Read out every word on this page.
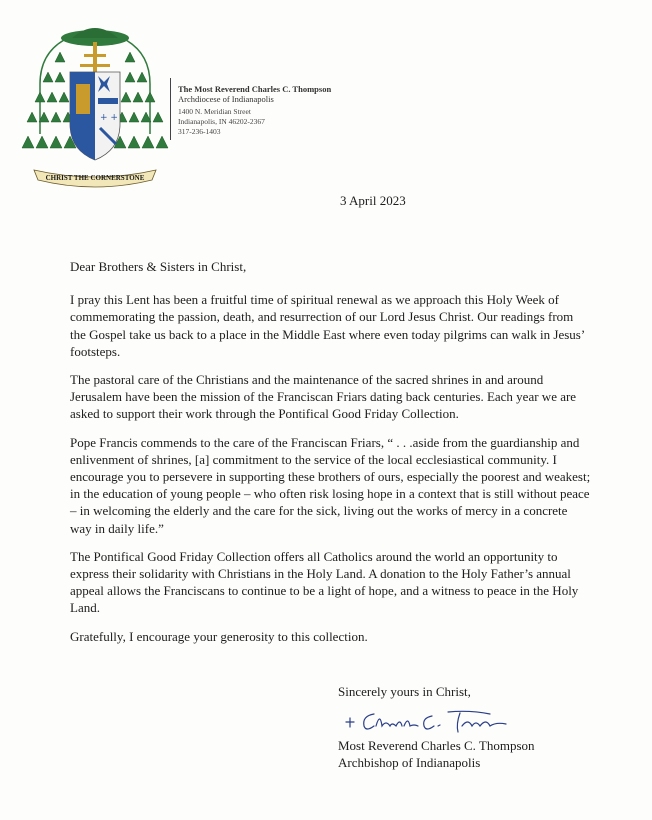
+ +
CHRIST THE CORNERSTONE
The Most Reverend Charles C. Thompson
Archdiocese of Indianapolis
1400 N. Meridian Street
Indianapolis, IN 46202-2367
317-236-1403
3 April 2023

Dear Brothers & Sisters in Christ,

I pray this Lent has been a fruitful time of spiritual renewal as we approach this Holy Week of commemorating the passion, death, and resurrection of our Lord Jesus Christ. Our readings from the Gospel take us back to a place in the Middle East where even today pilgrims can walk in Jesus’ footsteps.

The pastoral care of the Christians and the maintenance of the sacred shrines in and around Jerusalem have been the mission of the Franciscan Friars dating back centuries. Each year we are asked to support their work through the Pontifical Good Friday Collection.

Pope Francis commends to the care of the Franciscan Friars, “ . . .aside from the guardianship and enlivenment of shrines, [a] commitment to the service of the local ecclesiastical community. I encourage you to persevere in supporting these brothers of ours, especially the poorest and weakest; in the education of young people – who often risk losing hope in a context that is still without peace – in welcoming the elderly and the care for the sick, living out the works of mercy in a concrete way in daily life.”

The Pontifical Good Friday Collection offers all Catholics around the world an opportunity to express their solidarity with Christians in the Holy Land. A donation to the Holy Father’s annual appeal allows the Franciscans to continue to be a light of hope, and a witness to peace in the Holy Land.

Gratefully, I encourage your generosity to this collection.

Sincerely yours in Christ,
Most Reverend Charles C. Thompson
Archbishop of Indianapolis
